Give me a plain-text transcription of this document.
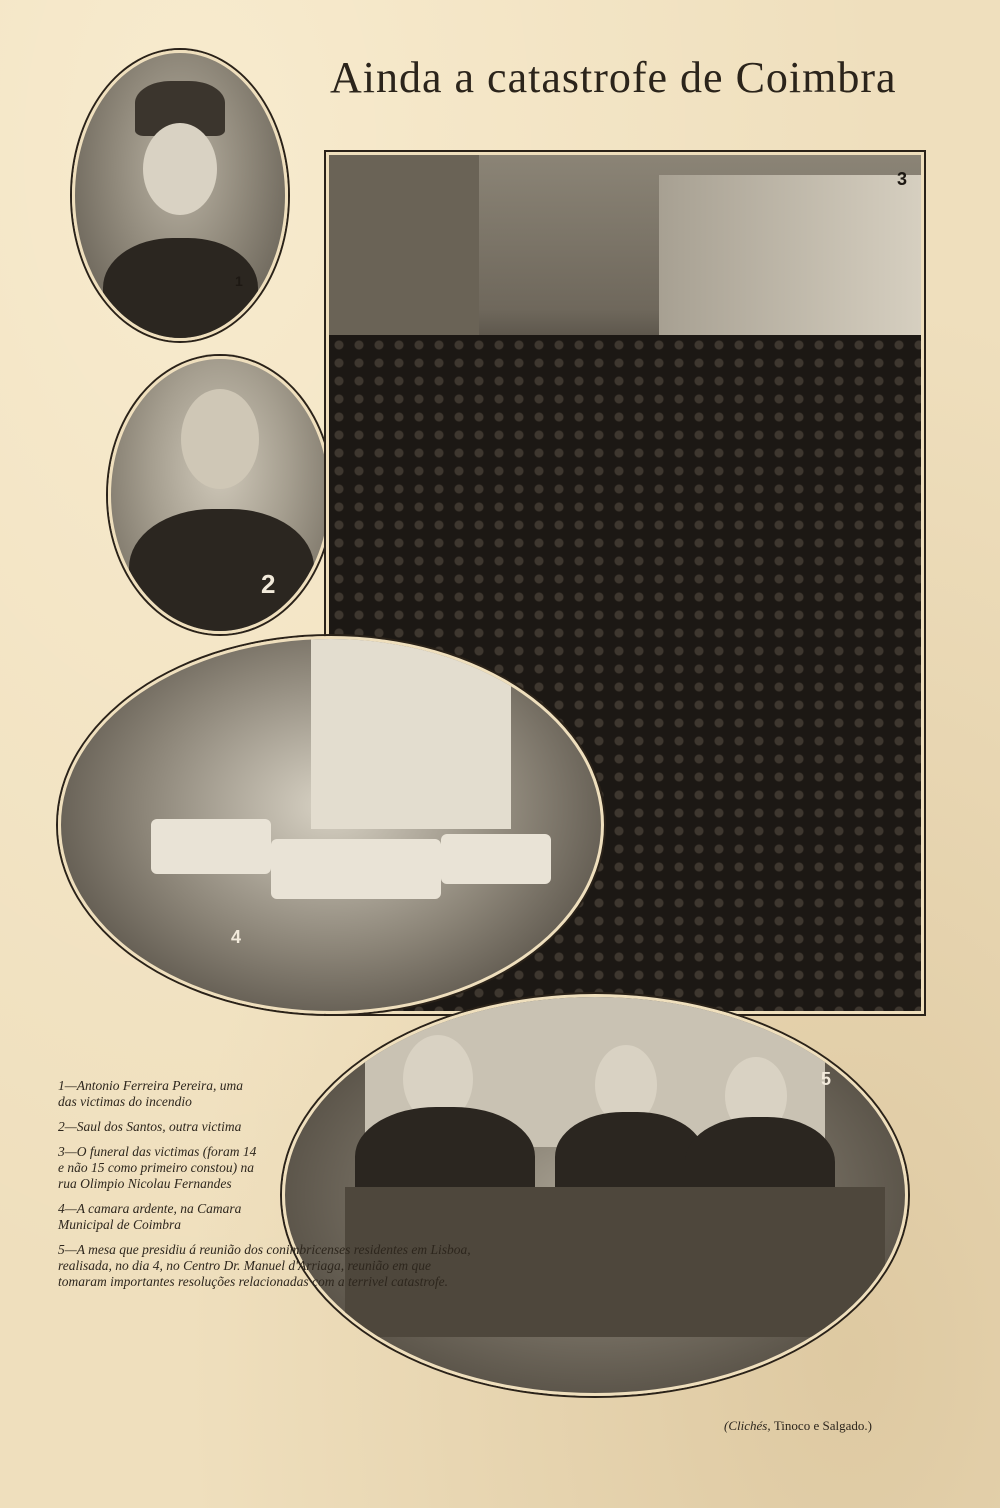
Ainda a catastrofe de Coimbra
1
2
3
4
5

1—Antonio Ferreira Pereira, uma das victimas do incendio

2—Saul dos Santos, outra victima

3—O funeral das victimas (foram 14 e não 15 como primeiro constou) na rua Olimpio Nicolau Fernandes

4—A camara ardente, na Camara Municipal de Coimbra

5—A mesa que presidiu á reunião dos conimbricenses residentes em Lisboa, realisada, no dia 4, no Centro Dr. Manuel d'Arriaga, reunião em que tomaram importantes resoluções relacionadas com a terrivel catastrofe.

(Clichés, Tinoco e Salgado.)
